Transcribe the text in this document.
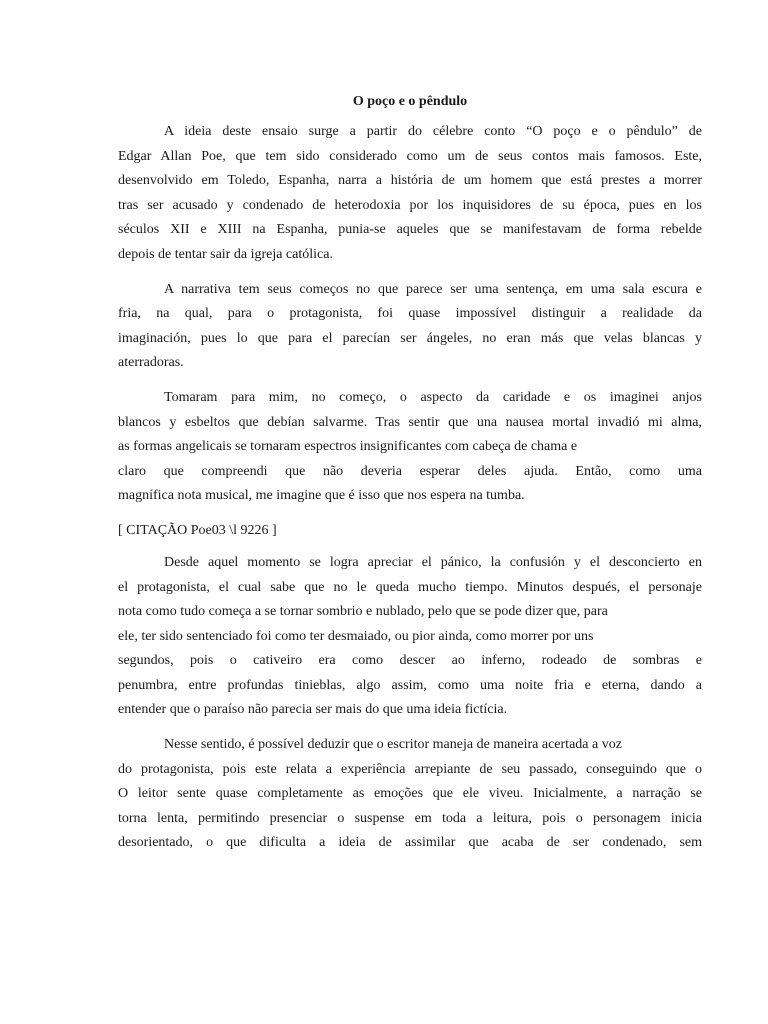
O poço e o pêndulo
A ideia deste ensaio surge a partir do célebre conto “O poço e o pêndulo” de
Edgar Allan Poe, que tem sido considerado como um de seus contos mais famosos. Este,
desenvolvido em Toledo, Espanha, narra a história de um homem que está prestes a morrer
tras ser acusado y condenado de heterodoxia por los inquisidores de su época, pues en los
séculos XII e XIII na Espanha, punia-se aqueles que se manifestavam de forma rebelde
depois de tentar sair da igreja católica.
A narrativa tem seus começos no que parece ser uma sentença, em uma sala escura e
fria, na qual, para o protagonista, foi quase impossível distinguir a realidade da
imaginación, pues lo que para el parecían ser ángeles, no eran más que velas blancas y
aterradoras.
Tomaram para mim, no começo, o aspecto da caridade e os imaginei anjos
blancos y esbeltos que debían salvarme. Tras sentir que una nausea mortal invadió mi alma,
as formas angelicais se tornaram espectros insignificantes com cabeça de chama e
claro que compreendi que não deveria esperar deles ajuda. Então, como uma
magnífica nota musical, me imagine que é isso que nos espera na tumba.
[ CITAÇÃO Poe03 \l 9226 ]
Desde aquel momento se logra apreciar el pánico, la confusión y el desconcierto en
el protagonista, el cual sabe que no le queda mucho tiempo. Minutos después, el personaje
nota como tudo começa a se tornar sombrio e nublado, pelo que se pode dizer que, para
ele, ter sido sentenciado foi como ter desmaiado, ou pior ainda, como morrer por uns
segundos, pois o cativeiro era como descer ao inferno, rodeado de sombras e
penumbra, entre profundas tinieblas, algo assim, como uma noite fria e eterna, dando a
entender que o paraíso não parecia ser mais do que uma ideia fictícia.
Nesse sentido, é possível deduzir que o escritor maneja de maneira acertada a voz
do protagonista, pois este relata a experiência arrepiante de seu passado, conseguindo que o
O leitor sente quase completamente as emoções que ele viveu. Inicialmente, a narração se
torna lenta, permitindo presenciar o suspense em toda a leitura, pois o personagem inicia
desorientado, o que dificulta a ideia de assimilar que acaba de ser condenado, sem
